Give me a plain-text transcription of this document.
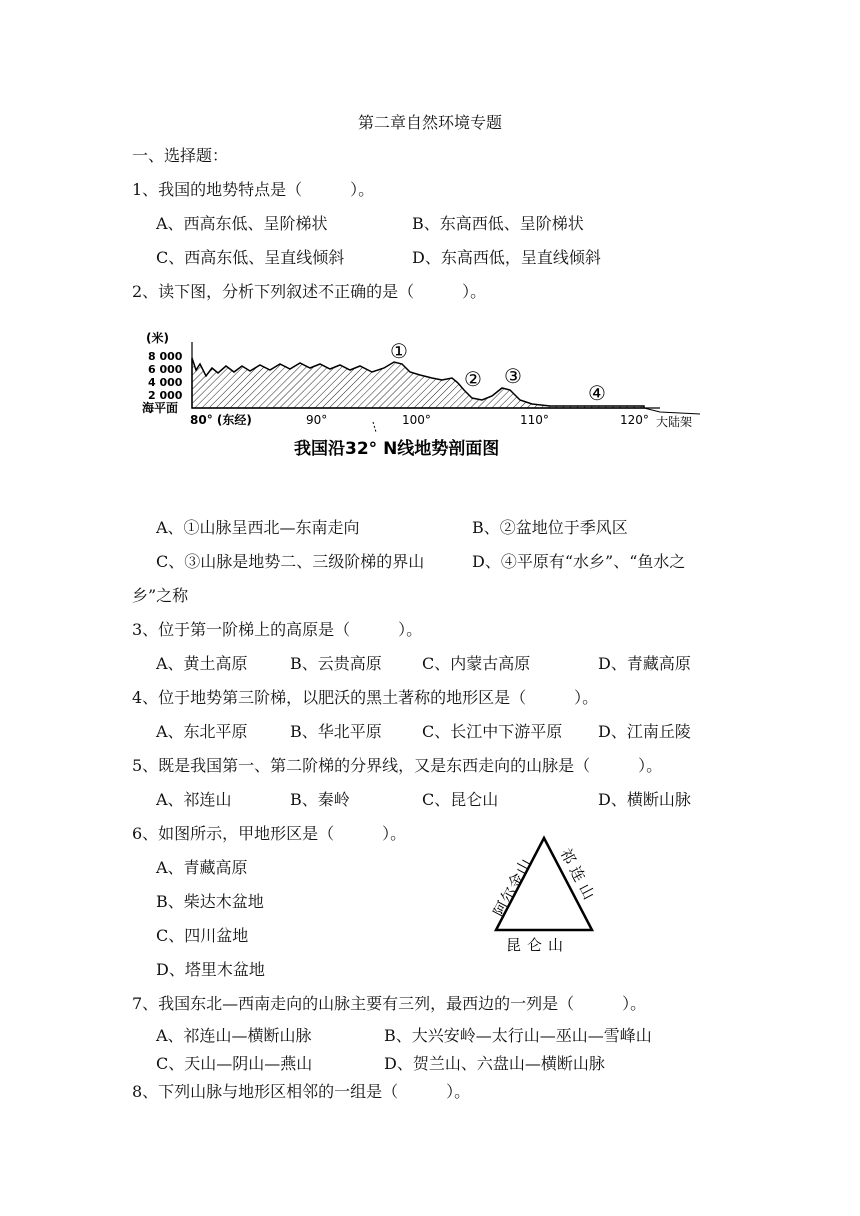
第二章自然环境专题
一、选择题：
1、我国的地势特点是（　　　）。
A、西高东低、呈阶梯状	B、东高西低、呈阶梯状
C、西高东低、呈直线倾斜	D、东高西低，呈直线倾斜
2、读下图，分析下列叙述不正确的是（　　　）。
(米)
8 000
6 000
4 000
2 000
海平面
80° (东经)	90°	100°	110°	120° 大陆架
①
② ③
④
我国沿32° N线地势剖面图
A、①山脉呈西北—东南走向	B、②盆地位于季风区
C、③山脉是地势二、三级阶梯的界山	D、④平原有“水乡”、“鱼水之
乡”之称
3、位于第一阶梯上的高原是（　　　）。
A、黄土高原	B、云贵高原	C、内蒙古高原	D、青藏高原
4、位于地势第三阶梯，以肥沃的黑土著称的地形区是（　　　）。
A、东北平原	B、华北平原	C、长江中下游平原 D、江南丘陵
5、既是我国第一、第二阶梯的分界线，又是东西走向的山脉是（　　　）。
A、祁连山	B、秦岭	C、昆仑山	D、横断山脉
6、如图所示，甲地形区是（　　　）。
A、青藏高原
B、柴达木盆地
C、四川盆地
D、塔里木盆地
阿尔金山 祁连山
昆仑山
7、我国东北—西南走向的山脉主要有三列，最西边的一列是（　　　）。
A、祁连山—横断山脉	B、大兴安岭—太行山—巫山—雪峰山
C、天山—阴山—燕山	D、贺兰山、六盘山—横断山脉
8、下列山脉与地形区相邻的一组是（　　　）。
